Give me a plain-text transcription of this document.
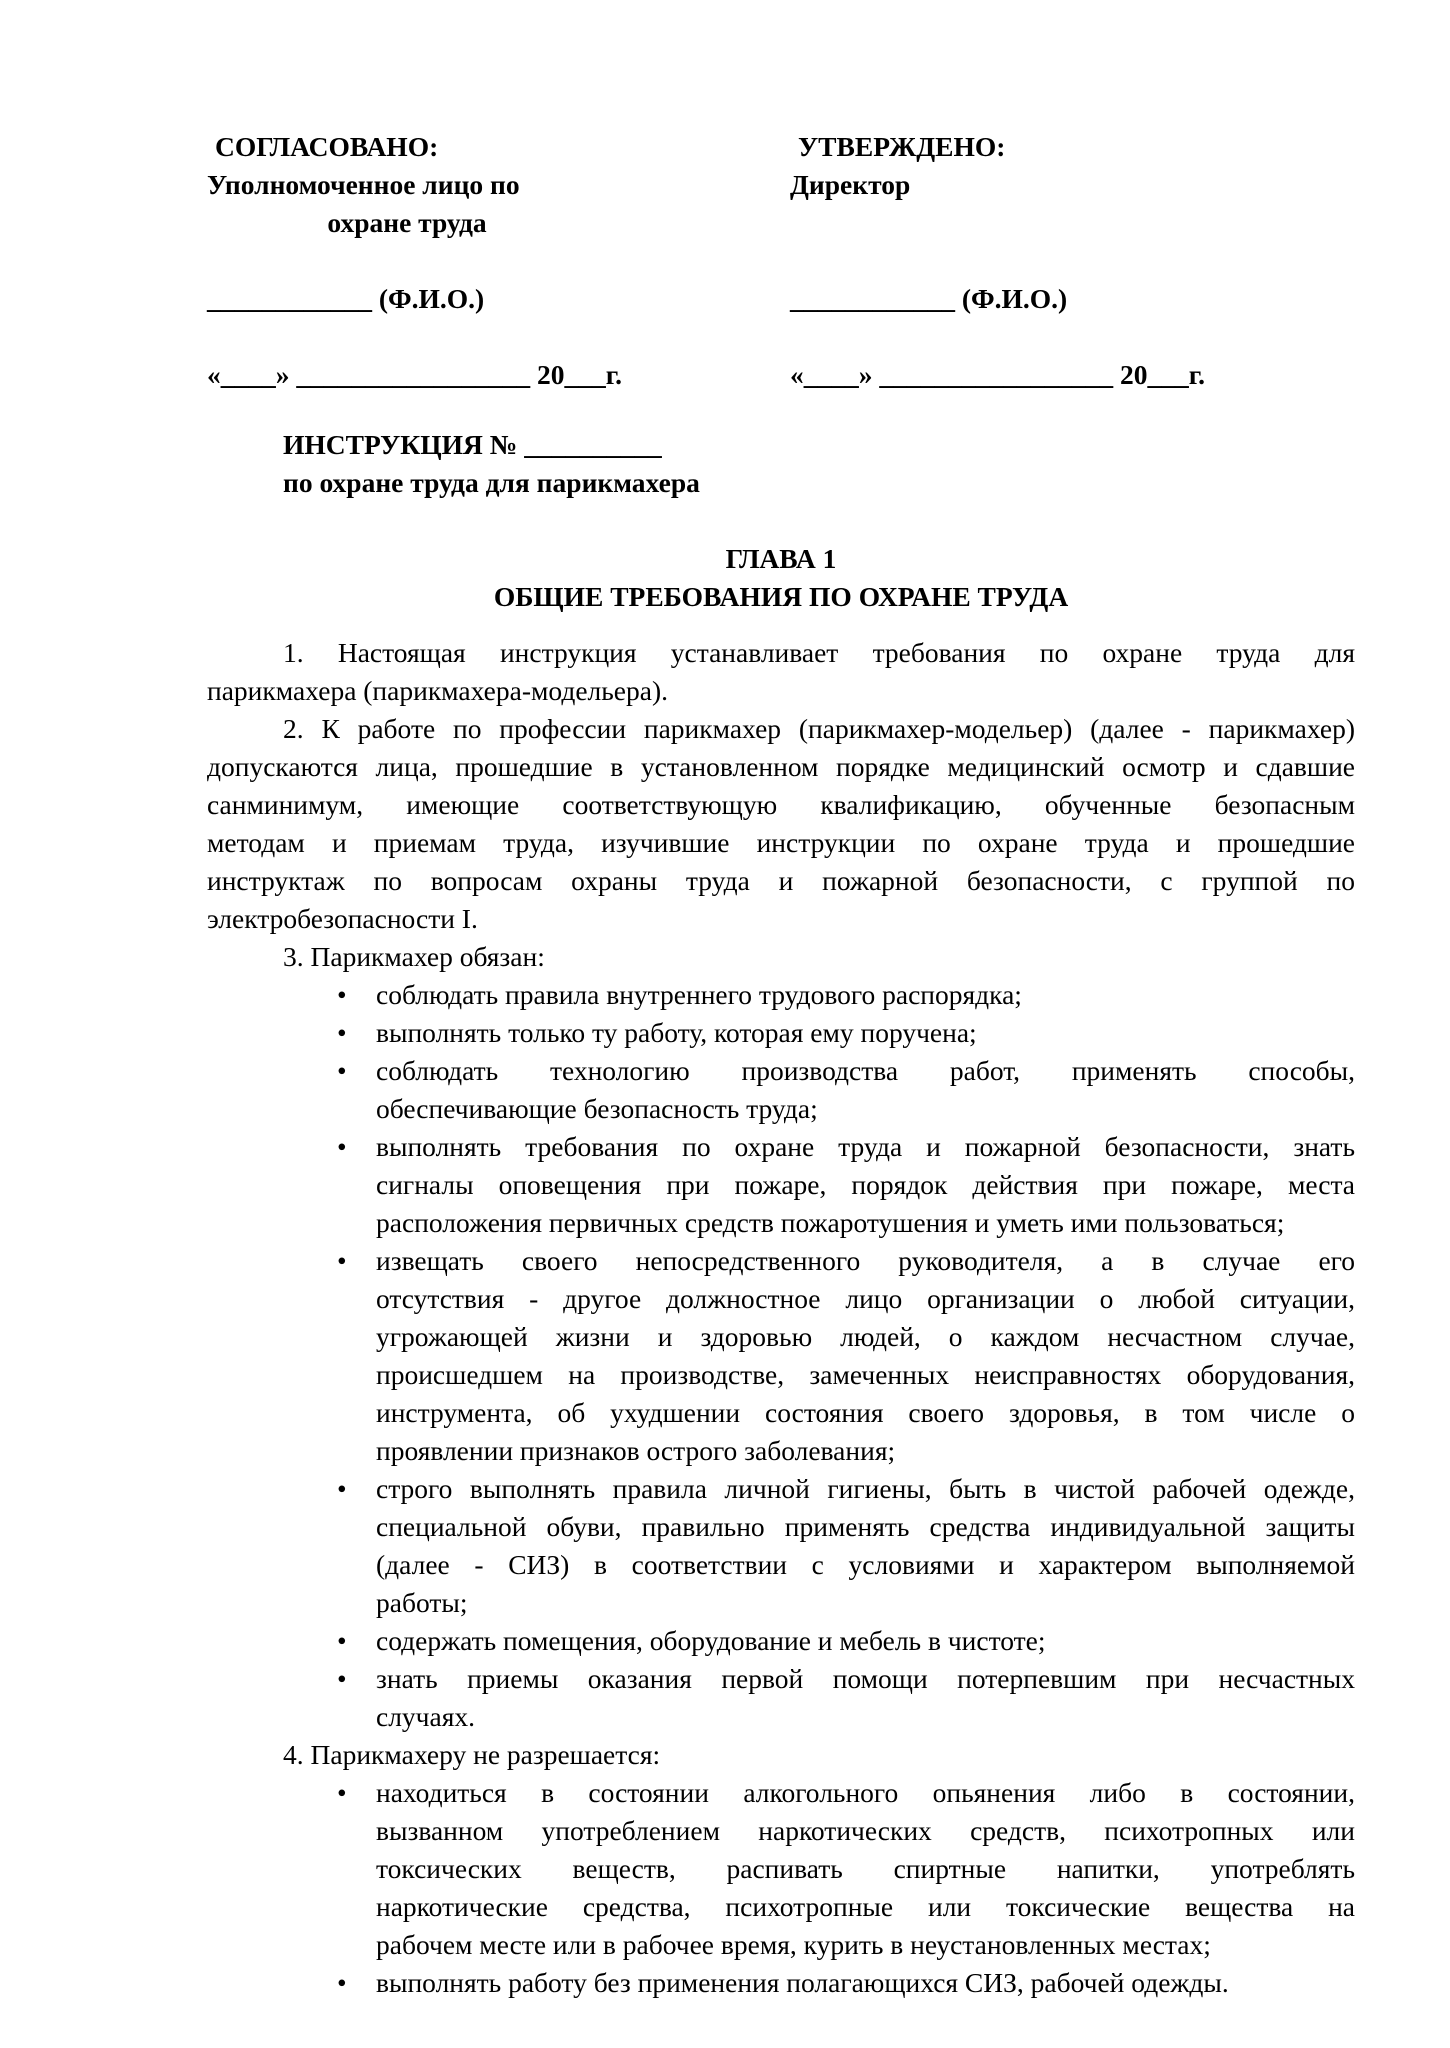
СОГЛАСОВАНО:
Уполномоченное лицо по
охране труда
УТВЕРЖДЕНО:
Директор
____________ (Ф.И.О.)	____________ (Ф.И.О.)
«____» _________________ 20___г.	«____» _________________ 20___г.
ИНСТРУКЦИЯ № __________
по охране труда для парикмахера
ГЛАВА 1
ОБЩИЕ ТРЕБОВАНИЯ ПО ОХРАНЕ ТРУДА
1. Настоящая инструкция устанавливает требования по охране труда для
парикмахера (парикмахера-модельера).
2. К работе по профессии парикмахер (парикмахер-модельер) (далее - парикмахер)
допускаются лица, прошедшие в установленном порядке медицинский осмотр и сдавшие
санминимум, имеющие соответствующую квалификацию, обученные безопасным
методам и приемам труда, изучившие инструкции по охране труда и прошедшие
инструктаж по вопросам охраны труда и пожарной безопасности, с группой по
электробезопасности I.
3. Парикмахер обязан:
• соблюдать правила внутреннего трудового распорядка;
• выполнять только ту работу, которая ему поручена;
• соблюдать технологию производства работ, применять способы,
обеспечивающие безопасность труда;
• выполнять требования по охране труда и пожарной безопасности, знать
сигналы оповещения при пожаре, порядок действия при пожаре, места
расположения первичных средств пожаротушения и уметь ими пользоваться;
• извещать своего непосредственного руководителя, а в случае его
отсутствия - другое должностное лицо организации о любой ситуации,
угрожающей жизни и здоровью людей, о каждом несчастном случае,
происшедшем на производстве, замеченных неисправностях оборудования,
инструмента, об ухудшении состояния своего здоровья, в том числе о
проявлении признаков острого заболевания;
• строго выполнять правила личной гигиены, быть в чистой рабочей одежде,
специальной обуви, правильно применять средства индивидуальной защиты
(далее - СИЗ) в соответствии с условиями и характером выполняемой
работы;
• содержать помещения, оборудование и мебель в чистоте;
• знать приемы оказания первой помощи потерпевшим при несчастных
случаях.
4. Парикмахеру не разрешается:
• находиться в состоянии алкогольного опьянения либо в состоянии,
вызванном употреблением наркотических средств, психотропных или
токсических веществ, распивать спиртные напитки, употреблять
наркотические средства, психотропные или токсические вещества на
рабочем месте или в рабочее время, курить в неустановленных местах;
• выполнять работу без применения полагающихся СИЗ, рабочей одежды.
